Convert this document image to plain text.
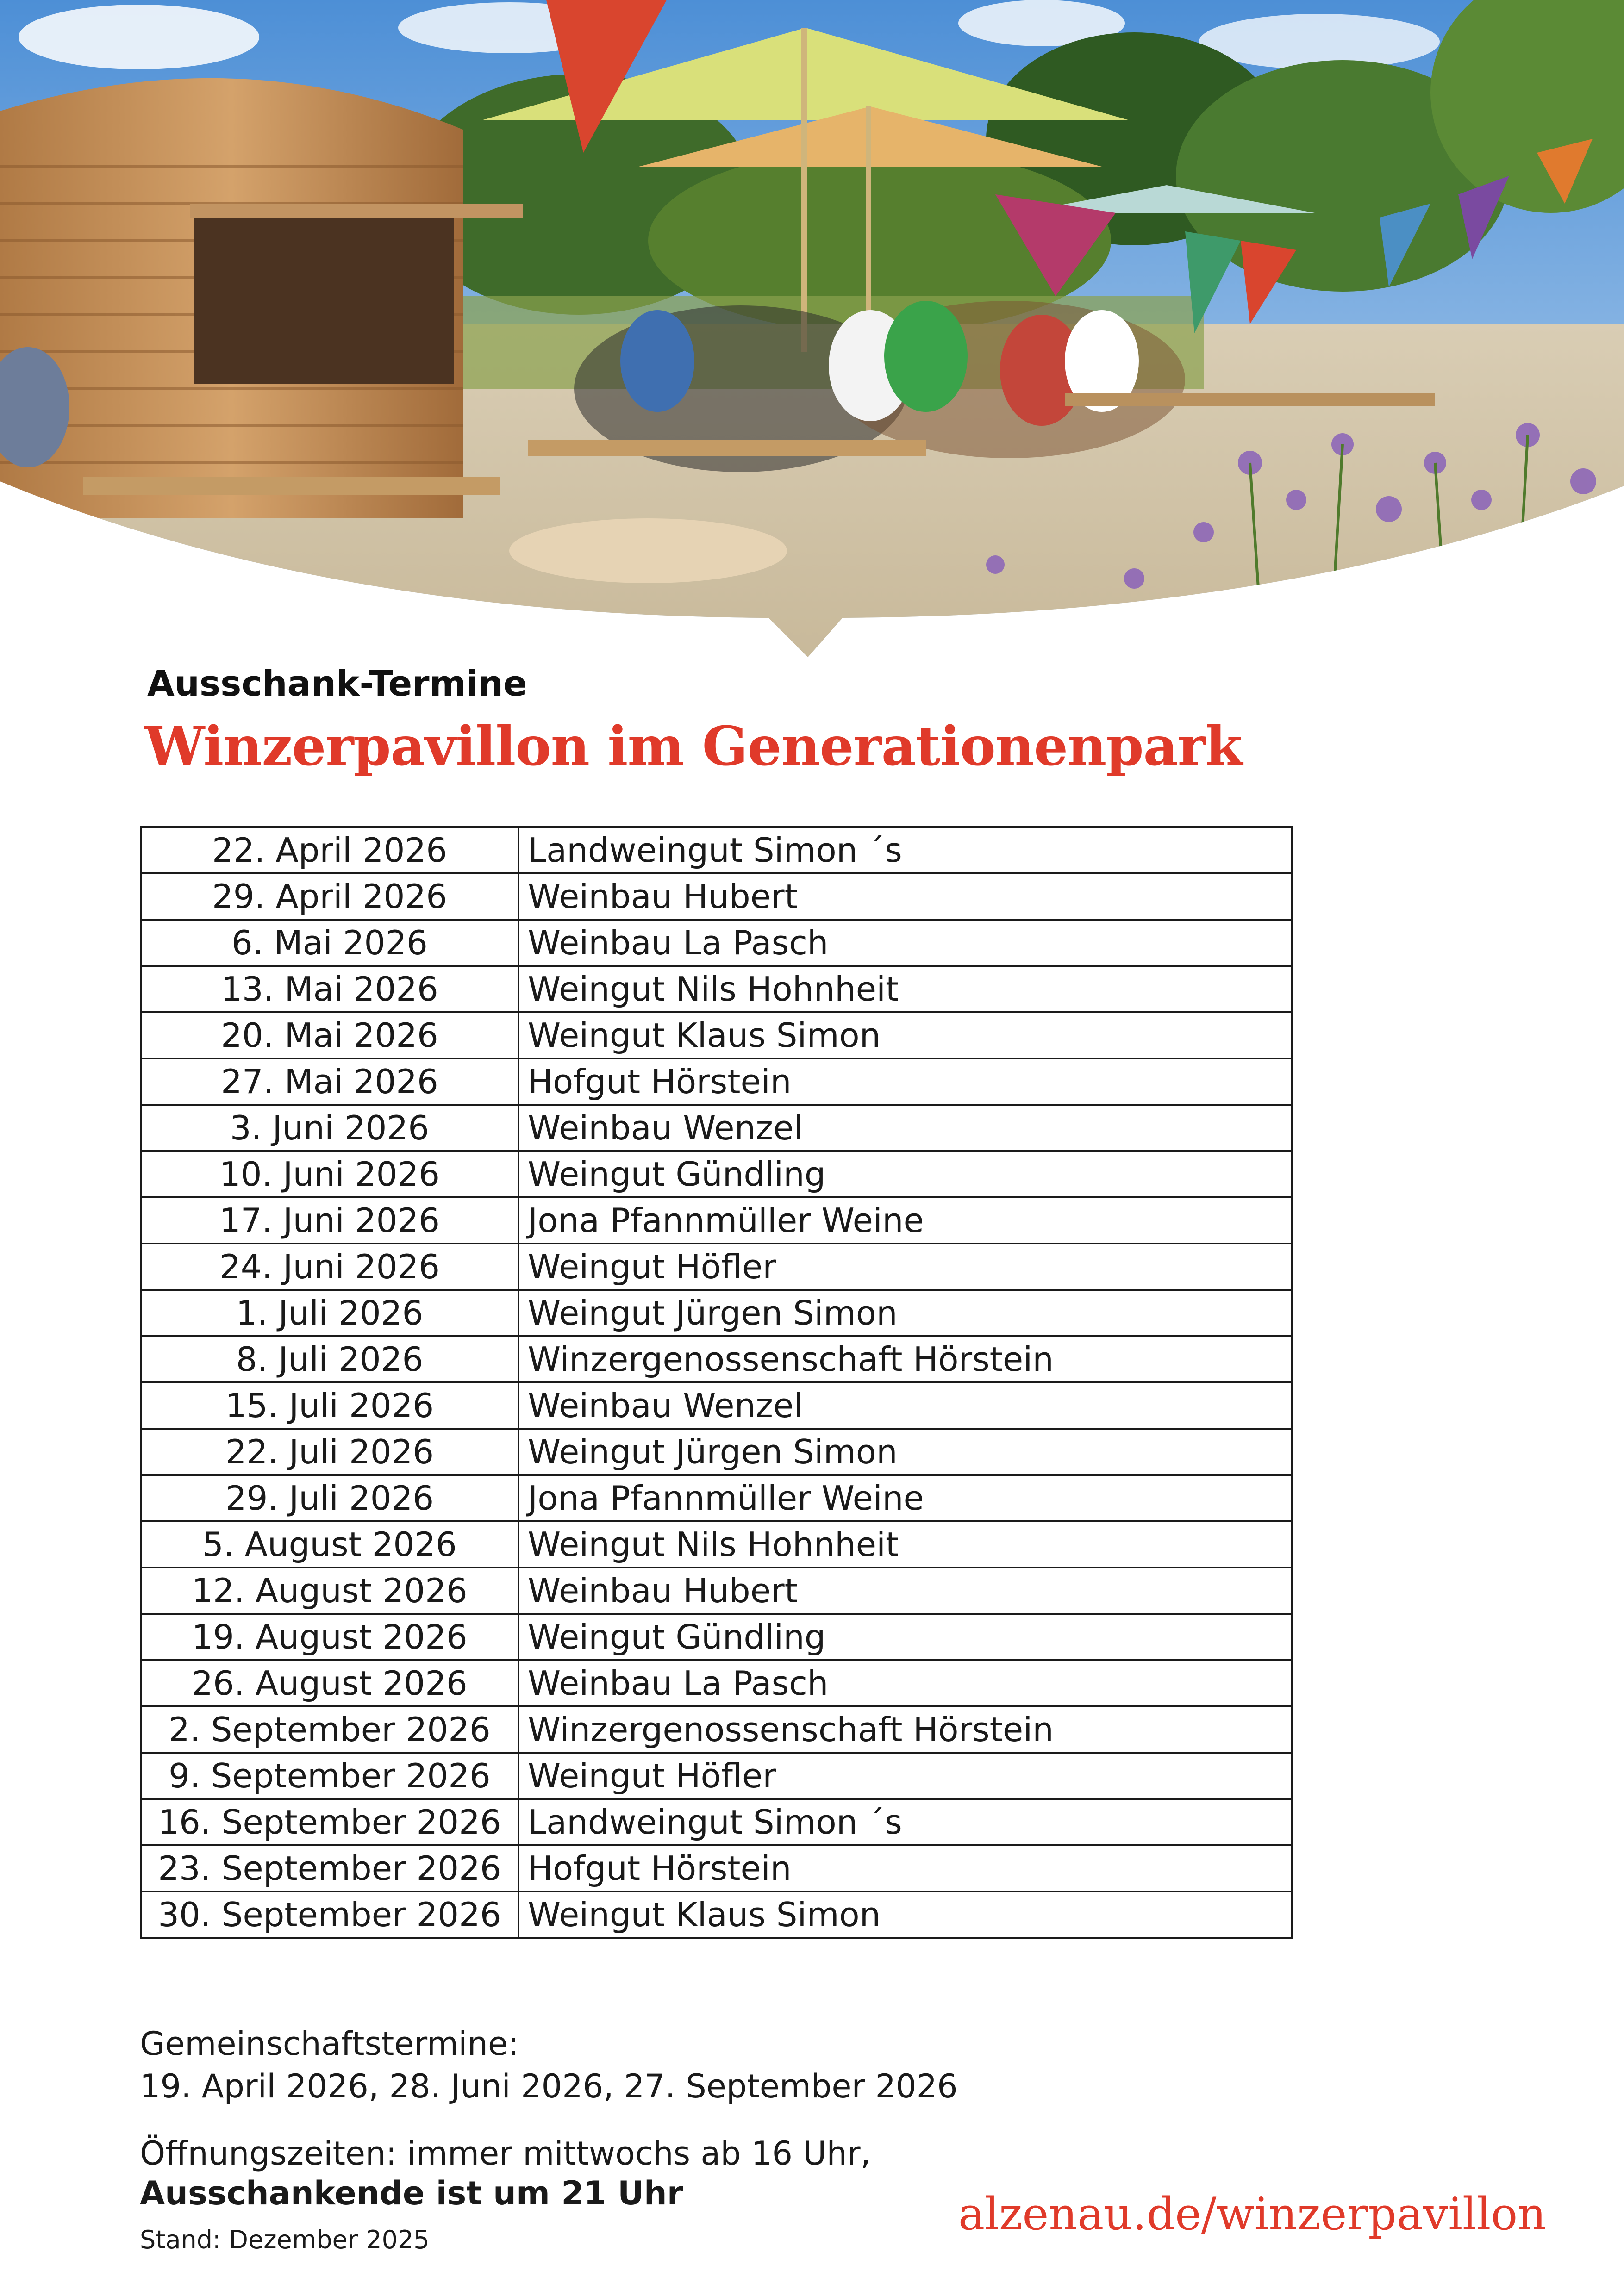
Ausschank-Termine
Winzerpavillon im Generationenpark
22. April 2026	Landweingut Simon ´s
29. April 2026	Weinbau Hubert
6. Mai 2026	Weinbau La Pasch
13. Mai 2026	Weingut Nils Hohnheit
20. Mai 2026	Weingut Klaus Simon
27. Mai 2026	Hofgut Hörstein
3. Juni 2026	Weinbau Wenzel
10. Juni 2026	Weingut Gündling
17. Juni 2026	Jona Pfannmüller Weine
24. Juni 2026	Weingut Höfler
1. Juli 2026	Weingut Jürgen Simon
8. Juli 2026	Winzergenossenschaft Hörstein
15. Juli 2026	Weinbau Wenzel
22. Juli 2026	Weingut Jürgen Simon
29. Juli 2026	Jona Pfannmüller Weine
5. August 2026	Weingut Nils Hohnheit
12. August 2026	Weinbau Hubert
19. August 2026	Weingut Gündling
26. August 2026	Weinbau La Pasch
2. September 2026	Winzergenossenschaft Hörstein
9. September 2026	Weingut Höfler
16. September 2026	Landweingut Simon ´s
23. September 2026	Hofgut Hörstein
30. September 2026	Weingut Klaus Simon
Gemeinschaftstermine:
19. April 2026, 28. Juni 2026, 27. September 2026
Öffnungszeiten: immer mittwochs ab 16 Uhr,
Ausschankende ist um 21 Uhr
Stand: Dezember 2025	alzenau.de/winzerpavillon
